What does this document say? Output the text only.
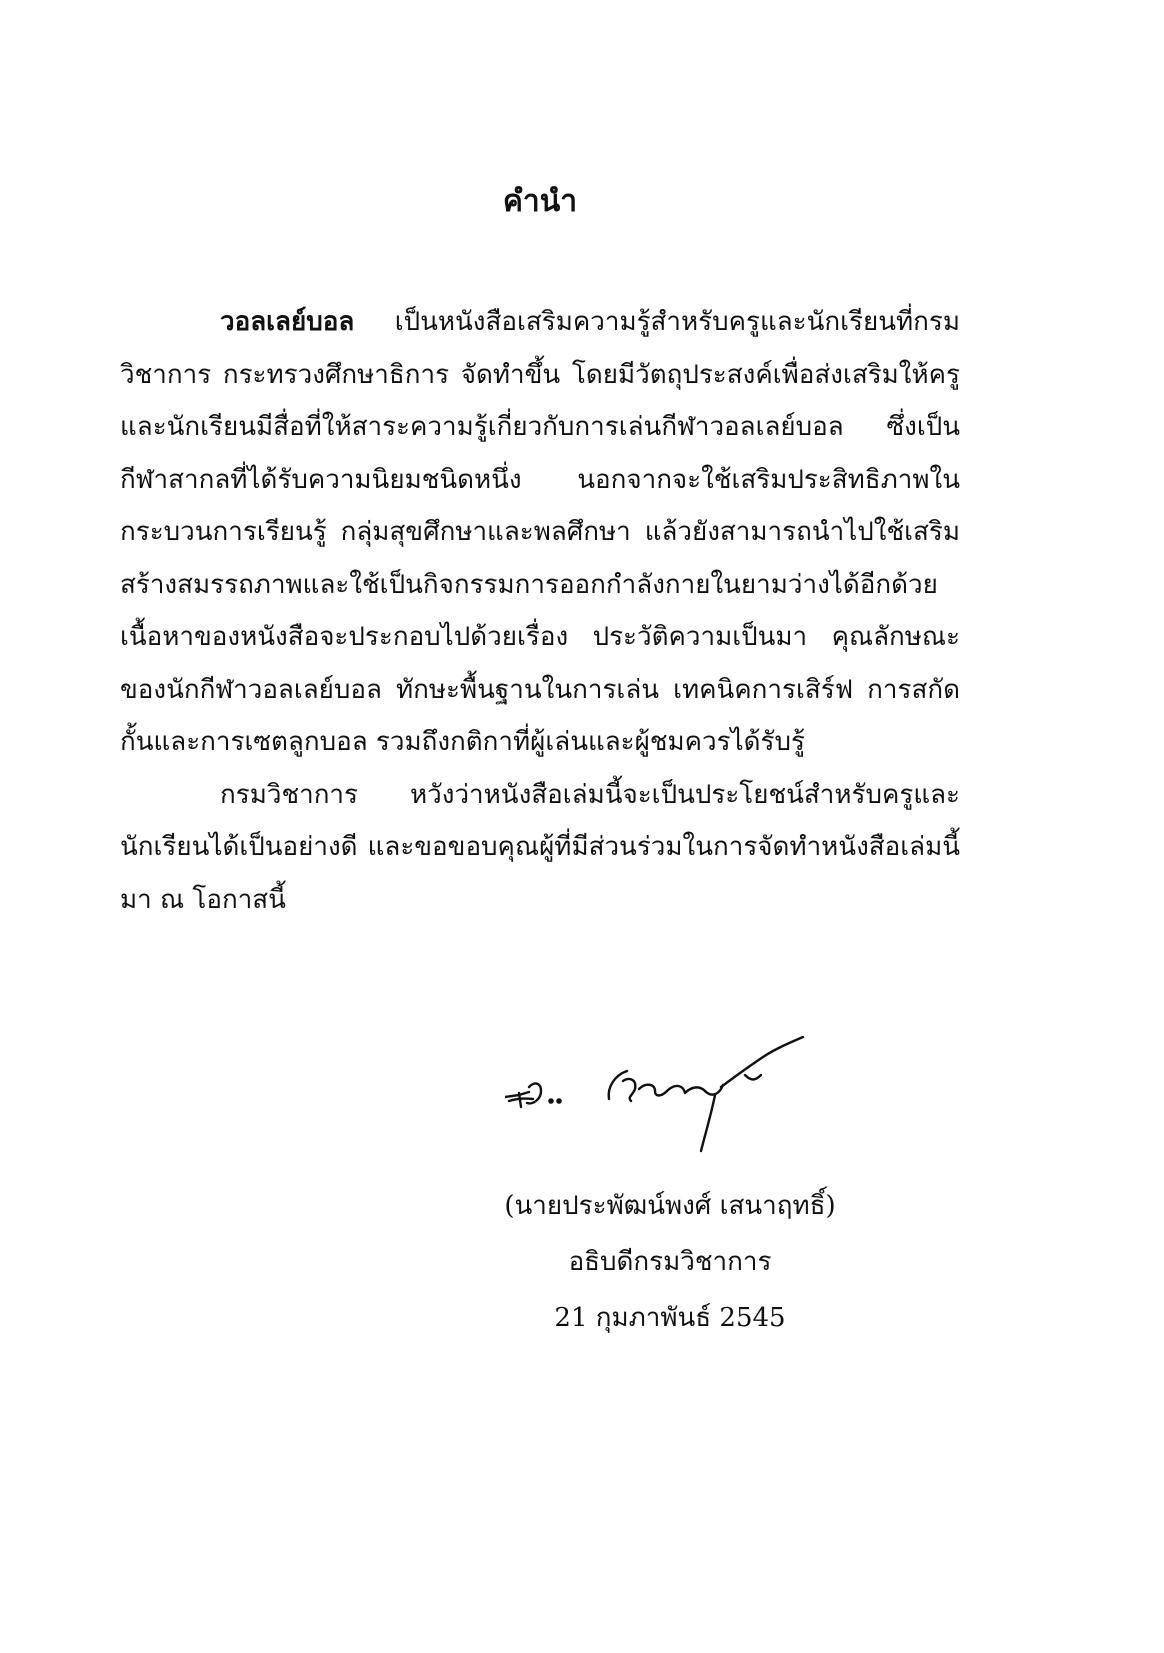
คำนำ

วอลเลย์บอล เป็นหนังสือเสริมความรู้สำหรับครูและนักเรียนที่กรมวิชาการ กระทรวงศึกษาธิการ จัดทำขึ้น โดยมีวัตถุประสงค์เพื่อส่งเสริมให้ครูและนักเรียนมีสื่อที่ให้สาระความรู้เกี่ยวกับการเล่นกีฬาวอลเลย์บอล ซึ่งเป็นกีฬาสากลที่ได้รับความนิยมชนิดหนึ่ง นอกจากจะใช้เสริมประสิทธิภาพในกระบวนการเรียนรู้ กลุ่มสุขศึกษาและพลศึกษา แล้วยังสามารถนำไปใช้เสริมสร้างสมรรถภาพและใช้เป็นกิจกรรมการออกกำลังกายในยามว่างได้อีกด้วย เนื้อหาของหนังสือจะประกอบไปด้วยเรื่อง ประวัติความเป็นมา คุณลักษณะของนักกีฬาวอลเลย์บอล ทักษะพื้นฐานในการเล่น เทคนิคการเสิร์ฟ การสกัดกั้นและการเซตลูกบอล รวมถึงกติกาที่ผู้เล่นและผู้ชมควรได้รับรู้

กรมวิชาการ หวังว่าหนังสือเล่มนี้จะเป็นประโยชน์สำหรับครูและนักเรียนได้เป็นอย่างดี และขอขอบคุณผู้ที่มีส่วนร่วมในการจัดทำหนังสือเล่มนี้มา ณ โอกาสนี้

(นายประพัฒน์พงศ์ เสนาฤทธิ์)
อธิบดีกรมวิชาการ
21 กุมภาพันธ์ 2545
